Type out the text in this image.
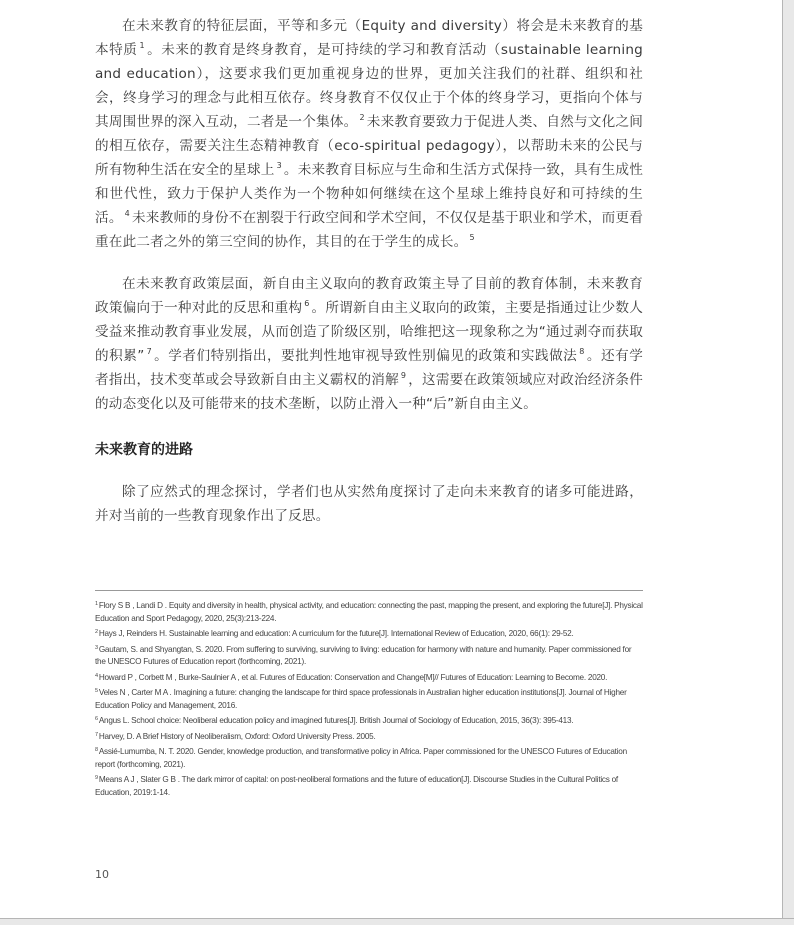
在未来教育的特征层面，平等和多元（Equity and diversity）将会是未来教育的基本特质 $^1$ 。未来的教育是终身教育，是可持续的学习和教育活动（sustainable learning and education），这要求我们更加重视身边的世界，更加关注我们的社群、组织和社会，终身学习的理念与此相互依存。终身教育不仅仅止于个体的终身学习，更指向个体与其周围世界的深入互动，二者是一个集体。 $^2$ 未来教育要致力于促进人类、自然与文化之间的相互依存，需要关注生态精神教育（eco-spiritual pedagogy），以帮助未来的公民与所有物种生活在安全的星球上 $^3$ 。未来教育目标应与生命和生活方式保持一致，具有生成性和世代性，致力于保护人类作为一个物种如何继续在这个星球上维持良好和可持续的生活。 $^4$ 未来教师的身份不在割裂于行政空间和学术空间，不仅仅是基于职业和学术，而更看重在此二者之外的第三空间的协作，其目的在于学生的成长。 $^5$

在未来教育政策层面，新自由主义取向的教育政策主导了目前的教育体制，未来教育政策偏向于一种对此的反思和重构 $^6$ 。所谓新自由主义取向的政策，主要是指通过让少数人受益来推动教育事业发展，从而创造了阶级区别，哈维把这一现象称之为“通过剥夺而获取的积累” $^7$ 。学者们特别指出，要批判性地审视导致性别偏见的政策和实践做法 $^8$ 。还有学者指出，技术变革或会导致新自由主义霸权的消解 $^9$ ，这需要在政策领域应对政治经济条件的动态变化以及可能带来的技术垄断，以防止滑入一种“后”新自由主义。

未来教育的进路

除了应然式的理念探讨，学者们也从实然角度探讨了走向未来教育的诸多可能进路，并对当前的一些教育现象作出了反思。

$^1$Flory S B , Landi D . Equity and diversity in health, physical activity, and education: connecting the past, mapping the present, and exploring the future[J]. Physical Education and Sport Pedagogy, 2020, 25(3):213-224.
$^2$Hays J, Reinders H. Sustainable learning and education: A curriculum for the future[J]. International Review of Education, 2020, 66(1): 29-52.
$^3$Gautam, S. and Shyangtan, S. 2020. From suffering to surviving, surviving to living: education for harmony with nature and humanity. Paper commissioned for the UNESCO Futures of Education report (forthcoming, 2021).
$^4$Howard P , Corbett M , Burke-Saulnier A , et al. Futures of Education: Conservation and Change[M]// Futures of Education: Learning to Become. 2020.
$^5$Veles N , Carter M A . Imagining a future: changing the landscape for third space professionals in Australian higher education institutions[J]. Journal of Higher Education Policy and Management, 2016.
$^6$Angus L. School choice: Neoliberal education policy and imagined futures[J]. British Journal of Sociology of Education, 2015, 36(3): 395-413.
$^7$Harvey, D. A Brief History of Neoliberalism, Oxford: Oxford University Press. 2005.
$^8$Assié-Lumumba, N. T. 2020. Gender, knowledge production, and transformative policy in Africa. Paper commissioned for the UNESCO Futures of Education report (forthcoming, 2021).
$^9$Means A J , Slater G B . The dark mirror of capital: on post-neoliberal formations and the future of education[J]. Discourse Studies in the Cultural Politics of Education, 2019:1-14.
10
